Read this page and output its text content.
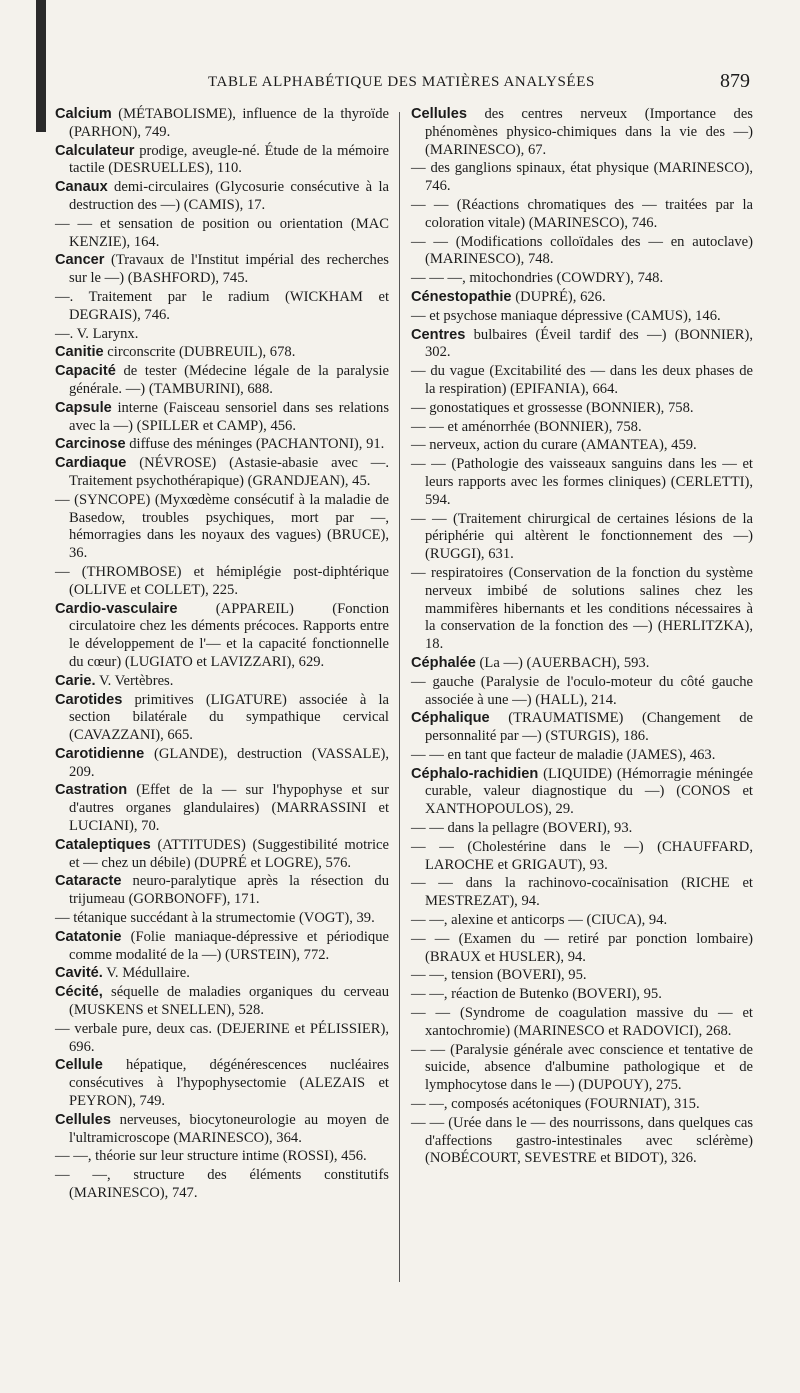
TABLE ALPHABÉTIQUE DES MATIÈRES ANALYSÉES	879
Calcium (MÉTABOLISME), influence de la thyroïde (PARHON), 749.
Calculateur prodige, aveugle-né. Étude de la mémoire tactile (DESRUELLES), 110.
Canaux demi-circulaires (Glycosurie consécutive à la destruction des —) (CAMIS), 17.
— — et sensation de position ou orientation (MAC KENZIE), 164.
Cancer (Travaux de l'Institut impérial des recherches sur le —) (BASHFORD), 745.
—. Traitement par le radium (WICKHAM et DEGRAIS), 746.
—. V. Larynx.
Canitie circonscrite (DUBREUIL), 678.
Capacité de tester (Médecine légale de la paralysie générale. —) (TAMBURINI), 688.
Capsule interne (Faisceau sensoriel dans ses relations avec la —) (SPILLER et CAMP), 456.
Carcinose diffuse des méninges (PACHANTONI), 91.
Cardiaque (NÉVROSE) (Astasie-abasie avec —. Traitement psychothérapique) (GRANDJEAN), 45.
— (SYNCOPE) (Myxœdème consécutif à la maladie de Basedow, troubles psychiques, mort par —, hémorragies dans les noyaux des vagues) (BRUCE), 36.
— (THROMBOSE) et hémiplégie post-diphtérique (OLLIVE et COLLET), 225.
Cardio-vasculaire (APPAREIL) (Fonction circulatoire chez les déments précoces. Rapports entre le développement de l'— et la capacité fonctionnelle du cœur) (LUGIATO et LAVIZZARI), 629.
Carie. V. Vertèbres.
Carotides primitives (LIGATURE) associée à la section bilatérale du sympathique cervical (CAVAZZANI), 665.
Carotidienne (GLANDE), destruction (VASSALE), 209.
Castration (Effet de la — sur l'hypophyse et sur d'autres organes glandulaires) (MARRASSINI et LUCIANI), 70.
Cataleptiques (ATTITUDES) (Suggestibilité motrice et — chez un débile) (DUPRÉ et LOGRE), 576.
Cataracte neuro-paralytique après la résection du trijumeau (GORBONOFF), 171.
— tétanique succédant à la strumectomie (VOGT), 39.
Catatonie (Folie maniaque-dépressive et périodique comme modalité de la —) (URSTEIN), 772.
Cavité. V. Médullaire.
Cécité, séquelle de maladies organiques du cerveau (MUSKENS et SNELLEN), 528.
— verbale pure, deux cas. (DEJERINE et PÉLISSIER), 696.
Cellule hépatique, dégénérescences nucléaires consécutives à l'hypophysectomie (ALEZAIS et PEYRON), 749.
Cellules nerveuses, biocytoneurologie au moyen de l'ultramicroscope (MARINESCO), 364.
— —, théorie sur leur structure intime (ROSSI), 456.
— —, structure des éléments constitutifs (MARINESCO), 747.
Cellules des centres nerveux (Importance des phénomènes physico-chimiques dans la vie des —) (MARINESCO), 67.
— des ganglions spinaux, état physique (MARINESCO), 746.
— — (Réactions chromatiques des — traitées par la coloration vitale) (MARINESCO), 746.
— — (Modifications colloïdales des — en autoclave) (MARINESCO), 748.
— — —, mitochondries (COWDRY), 748.
Cénestopathie (DUPRÉ), 626.
— et psychose maniaque dépressive (CAMUS), 146.
Centres bulbaires (Éveil tardif des —) (BONNIER), 302.
— du vague (Excitabilité des — dans les deux phases de la respiration) (EPIFANIA), 664.
— gonostatiques et grossesse (BONNIER), 758.
— — et aménorrhée (BONNIER), 758.
— nerveux, action du curare (AMANTEA), 459.
— — (Pathologie des vaisseaux sanguins dans les — et leurs rapports avec les formes cliniques) (CERLETTI), 594.
— — (Traitement chirurgical de certaines lésions de la périphérie qui altèrent le fonctionnement des —) (RUGGI), 631.
— respiratoires (Conservation de la fonction du système nerveux imbibé de solutions salines chez les mammifères hibernants et les conditions nécessaires à la conservation de la fonction des —) (HERLITZKA), 18.
Céphalée (La —) (AUERBACH), 593.
— gauche (Paralysie de l'oculo-moteur du côté gauche associée à une —) (HALL), 214.
Céphalique (TRAUMATISME) (Changement de personnalité par —) (STURGIS), 186.
— — en tant que facteur de maladie (JAMES), 463.
Céphalo-rachidien (LIQUIDE) (Hémorragie méningée curable, valeur diagnostique du —) (CONOS et XANTHOPOULOS), 29.
— — dans la pellagre (BOVERI), 93.
— — (Cholestérine dans le —) (CHAUFFARD, LAROCHE et GRIGAUT), 93.
— — dans la rachinovo-cocaïnisation (RICHE et MESTREZAT), 94.
— —, alexine et anticorps — (CIUCA), 94.
— — (Examen du — retiré par ponction lombaire) (BRAUX et HUSLER), 94.
— —, tension (BOVERI), 95.
— —, réaction de Butenko (BOVERI), 95.
— — (Syndrome de coagulation massive du — et xantochromie) (MARINESCO et RADOVICI), 268.
— — (Paralysie générale avec conscience et tentative de suicide, absence d'albumine pathologique et de lymphocytose dans le —) (DUPOUY), 275.
— —, composés acétoniques (FOURNIAT), 315.
— — (Urée dans le — des nourrissons, dans quelques cas d'affections gastro-intestinales avec sclérème) (NOBÉCOURT, SEVESTRE et BIDOT), 326.
